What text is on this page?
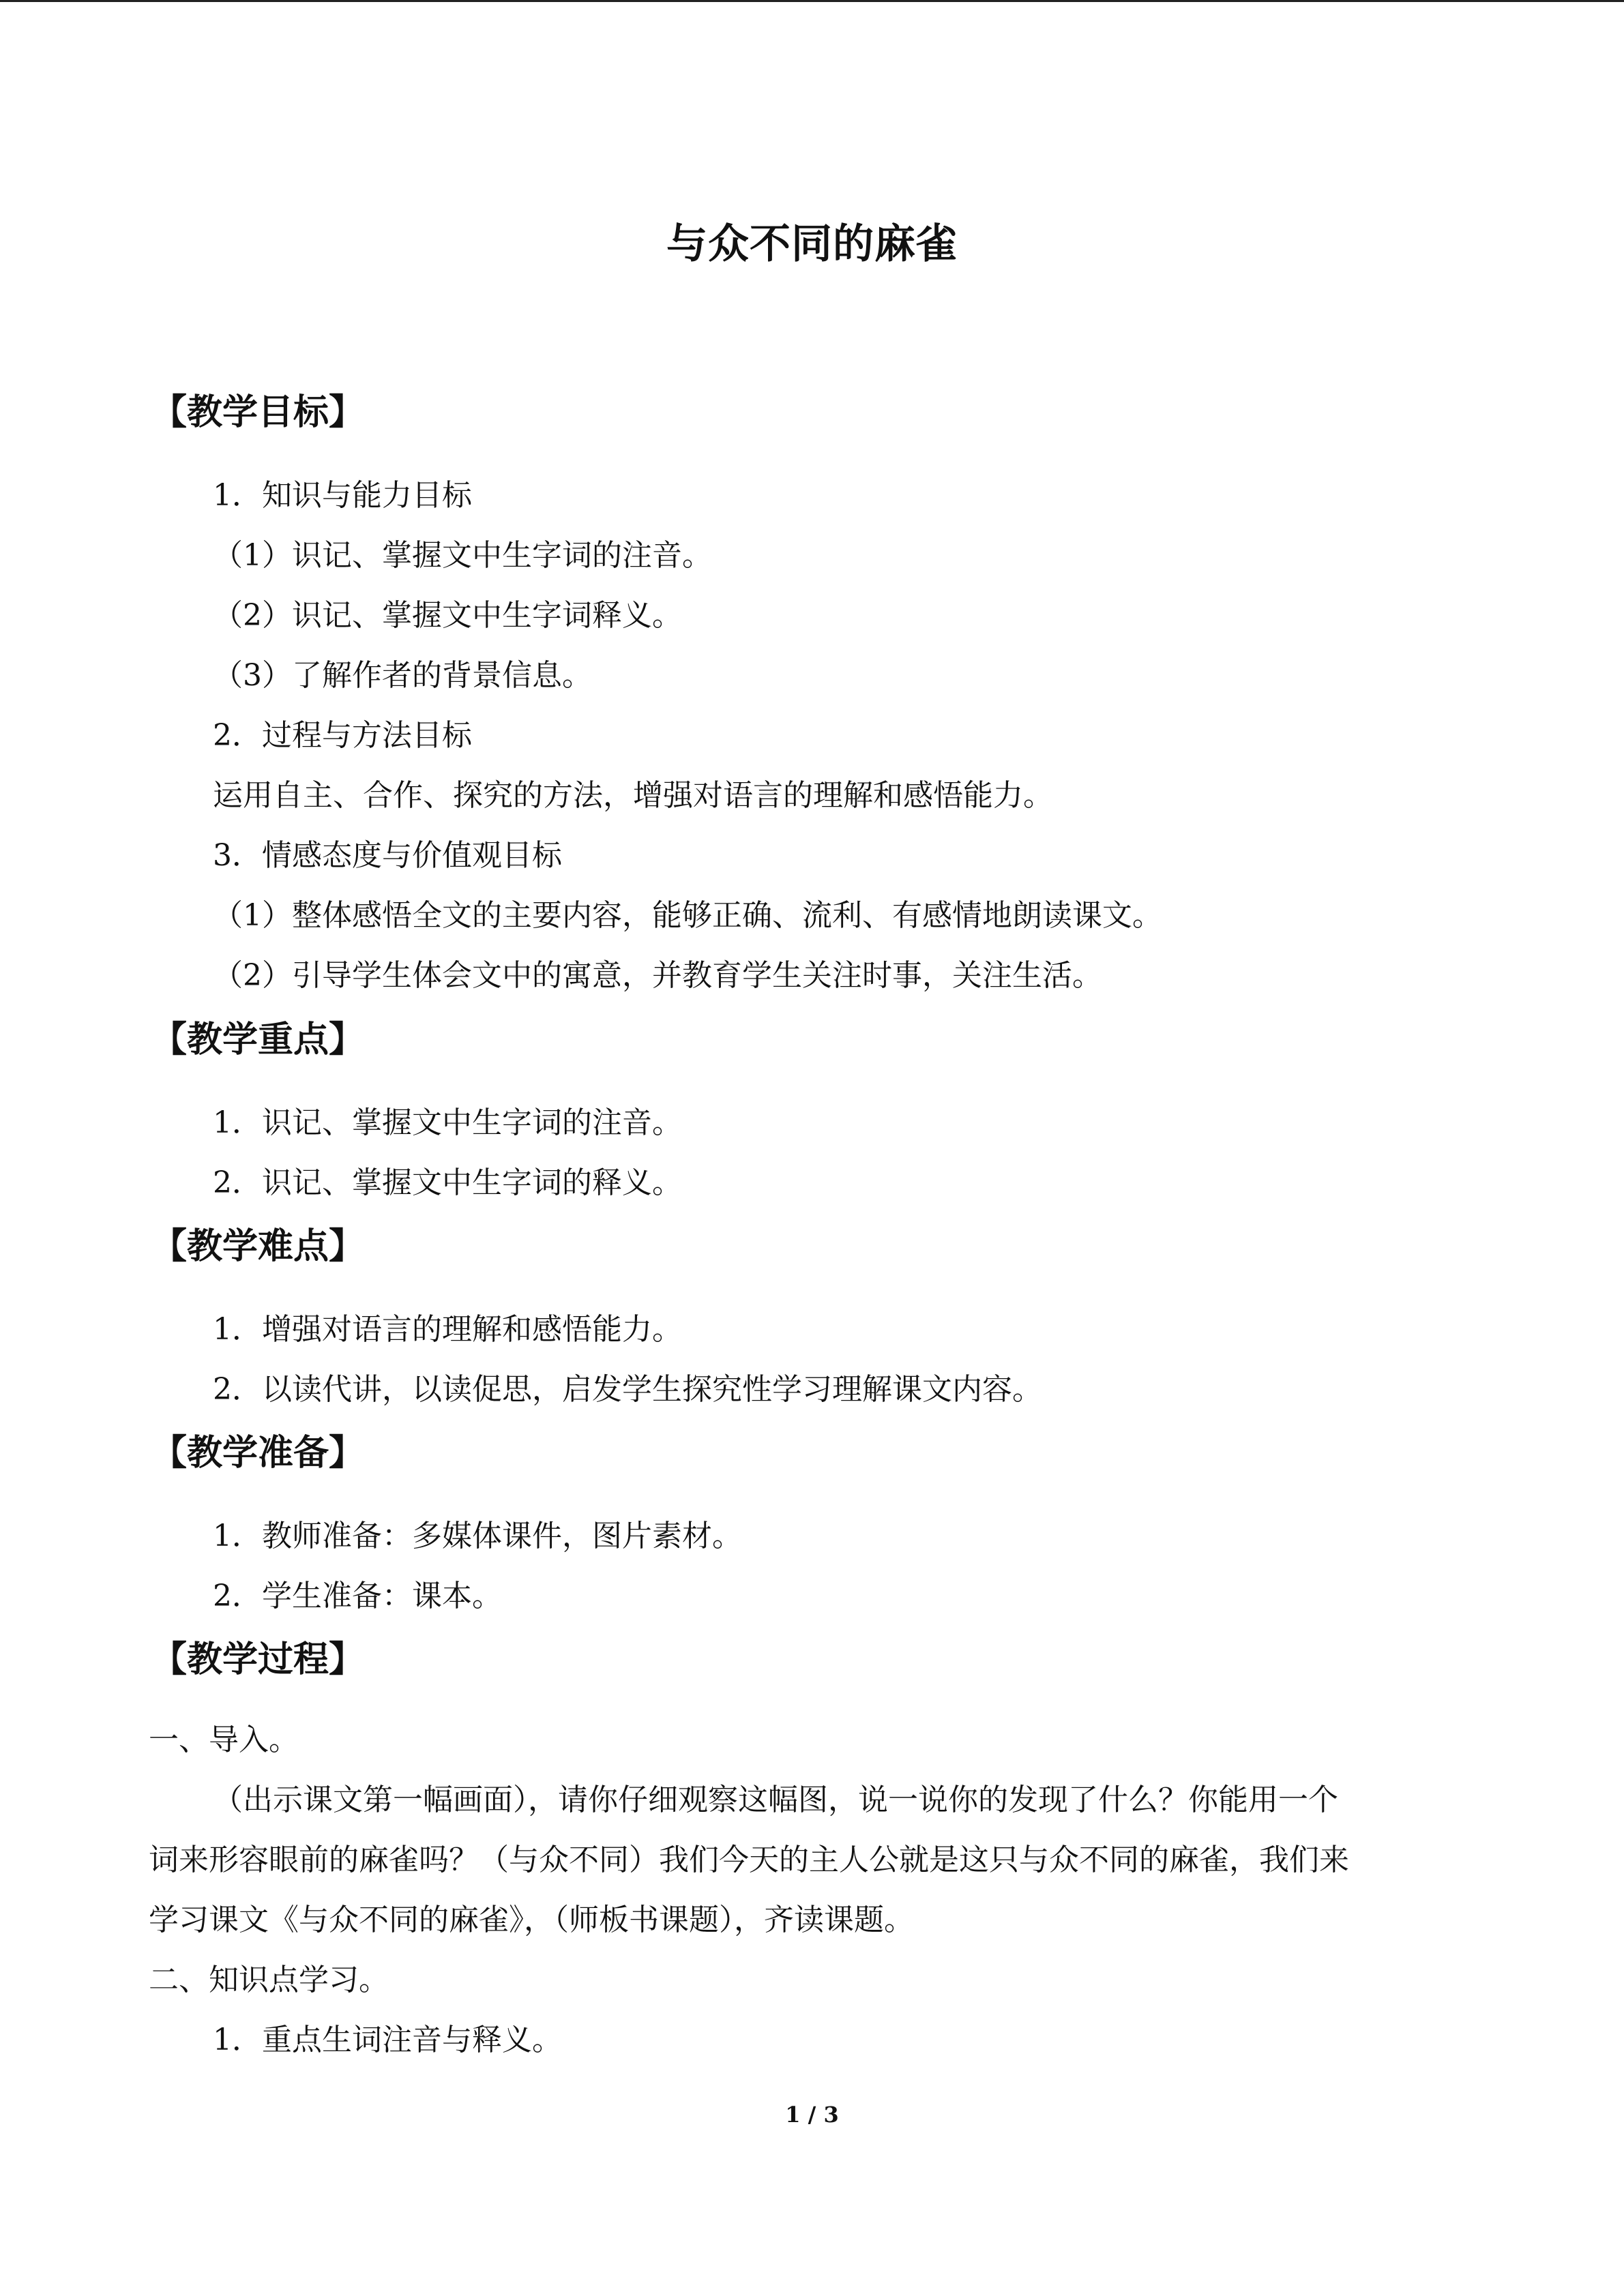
与众不同的麻雀
【教学目标】
1．知识与能力目标
（1）识记、掌握文中生字词的注音。
（2）识记、掌握文中生字词释义。
（3）了解作者的背景信息。
2．过程与方法目标
运用自主、合作、探究的方法，增强对语言的理解和感悟能力。
3．情感态度与价值观目标
（1）整体感悟全文的主要内容，能够正确、流利、有感情地朗读课文。
（2）引导学生体会文中的寓意，并教育学生关注时事，关注生活。
【教学重点】
1．识记、掌握文中生字词的注音。
2．识记、掌握文中生字词的释义。
【教学难点】
1．增强对语言的理解和感悟能力。
2．以读代讲，以读促思，启发学生探究性学习理解课文内容。
【教学准备】
1．教师准备：多媒体课件，图片素材。
2．学生准备：课本。
【教学过程】
一、导入。
（出示课文第一幅画面），请你仔细观察这幅图，说一说你的发现了什么？你能用一个
词来形容眼前的麻雀吗？（与众不同）我们今天的主人公就是这只与众不同的麻雀，我们来
学习课文《与众不同的麻雀》，（师板书课题），齐读课题。
二、知识点学习。
1．重点生词注音与释义。
1 / 3
